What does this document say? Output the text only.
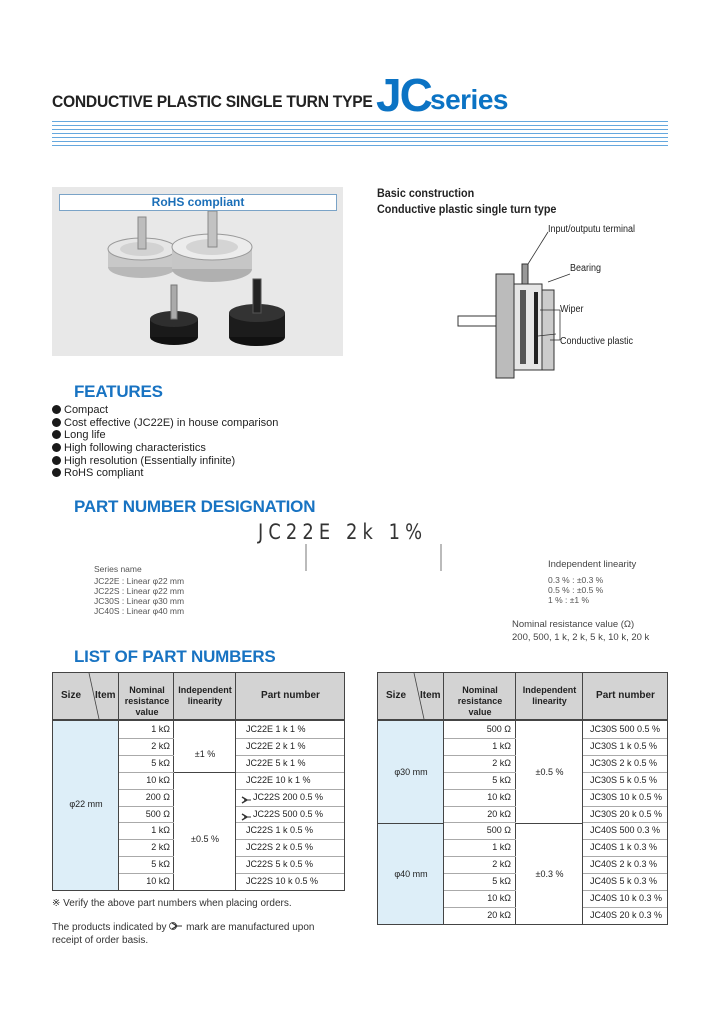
CONDUCTIVE PLASTIC SINGLE TURN TYPE JC series
RoHS compliant
Basic construction
Conductive plastic single turn type
Input/outputu terminal
Bearing
Wiper
Conductive plastic
FEATURES
Compact
Cost effective (JC22E) in house comparison
Long life
High following characteristics
High resolution (Essentially infinite)
RoHS compliant
PART NUMBER DESIGNATION
JC22E 2k 1%
Series name
JC22E : Linear φ22 mm
JC22S : Linear φ22 mm
JC30S : Linear φ30 mm
JC40S : Linear φ40 mm
Independent linearity
0.3 % : ±0.3 %
0.5 % : ±0.5 %
1 % : ±1 %
Nominal resistance value (Ω)
200, 500, 1 k, 2 k, 5 k, 10 k, 20 k
LIST OF PART NUMBERS
Size Item	Nominal resistance value
Independent linearity	Part number
φ22 mm
±1 %
±0.5 %
1 kΩ	JC22E 1 k 1 %
2 kΩ	JC22E 2 k 1 %
5 kΩ	JC22E 5 k 1 %
10 kΩ	JC22E 10 k 1 %
200 Ω	JC22S 200 0.5 %
500 Ω	JC22S 500 0.5 %
1 kΩ	JC22S 1 k 0.5 %
2 kΩ	JC22S 2 k 0.5 %
5 kΩ	JC22S 5 k 0.5 %
10 kΩ	JC22S 10 k 0.5 %
Size Item	Nominal resistance value
Independent linearity	Part number
φ30 mm
φ40 mm
±0.5 %
±0.3 %
500 Ω	JC30S 500 0.5 %
1 kΩ	JC30S 1 k 0.5 %
2 kΩ	JC30S 2 k 0.5 %
5 kΩ	JC30S 5 k 0.5 %
10 kΩ	JC30S 10 k 0.5 %
20 kΩ	JC30S 20 k 0.5 %
500 Ω	JC40S 500 0.3 %
1 kΩ	JC40S 1 k 0.3 %
2 kΩ	JC40S 2 k 0.3 %
5 kΩ	JC40S 5 k 0.3 %
10 kΩ	JC40S 10 k 0.3 %
20 kΩ	JC40S 20 k 0.3 %
※ Verify the above part numbers when placing orders.
The products indicated by mark are manufactured upon receipt of order basis.
